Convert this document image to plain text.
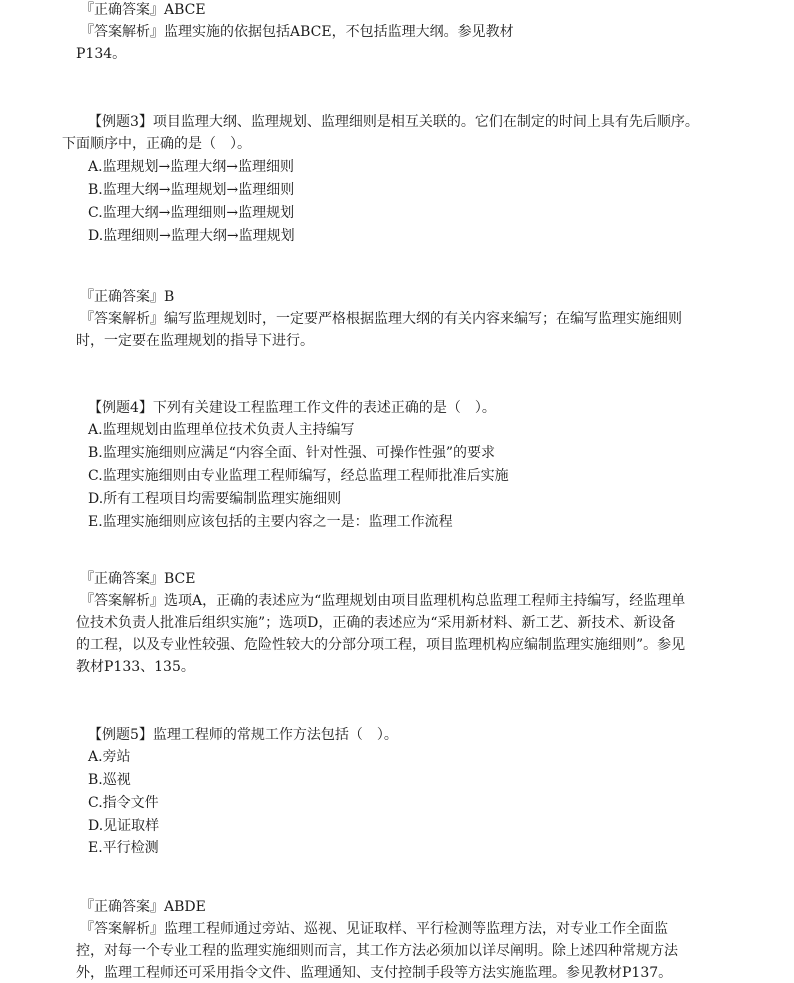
『正确答案』ABCE
『答案解析』监理实施的依据包括ABCE，不包括监理大纲。参见教材
P134。
【例题3】项目监理大纲、监理规划、监理细则是相互关联的。它们在制定的时间上具有先后顺序。
下面顺序中，正确的是（　）。
A.监理规划→监理大纲→监理细则
B.监理大纲→监理规划→监理细则
C.监理大纲→监理细则→监理规划
D.监理细则→监理大纲→监理规划
『正确答案』B
『答案解析』编写监理规划时，一定要严格根据监理大纲的有关内容来编写；在编写监理实施细则
时，一定要在监理规划的指导下进行。
【例题4】下列有关建设工程监理工作文件的表述正确的是（　）。
A.监理规划由监理单位技术负责人主持编写
B.监理实施细则应满足“内容全面、针对性强、可操作性强”的要求
C.监理实施细则由专业监理工程师编写，经总监理工程师批准后实施
D.所有工程项目均需要编制监理实施细则
E.监理实施细则应该包括的主要内容之一是：监理工作流程
『正确答案』BCE
『答案解析』选项A，正确的表述应为“监理规划由项目监理机构总监理工程师主持编写，经监理单
位技术负责人批准后组织实施”；选项D，正确的表述应为“采用新材料、新工艺、新技术、新设备
的工程，以及专业性较强、危险性较大的分部分项工程，项目监理机构应编制监理实施细则”。参见
教材P133、135。
【例题5】监理工程师的常规工作方法包括（　）。
A.旁站
B.巡视
C.指令文件
D.见证取样
E.平行检测
『正确答案』ABDE
『答案解析』监理工程师通过旁站、巡视、见证取样、平行检测等监理方法，对专业工作全面监
控，对每一个专业工程的监理实施细则而言，其工作方法必须加以详尽阐明。除上述四种常规方法
外，监理工程师还可采用指令文件、监理通知、支付控制手段等方法实施监理。参见教材P137。
